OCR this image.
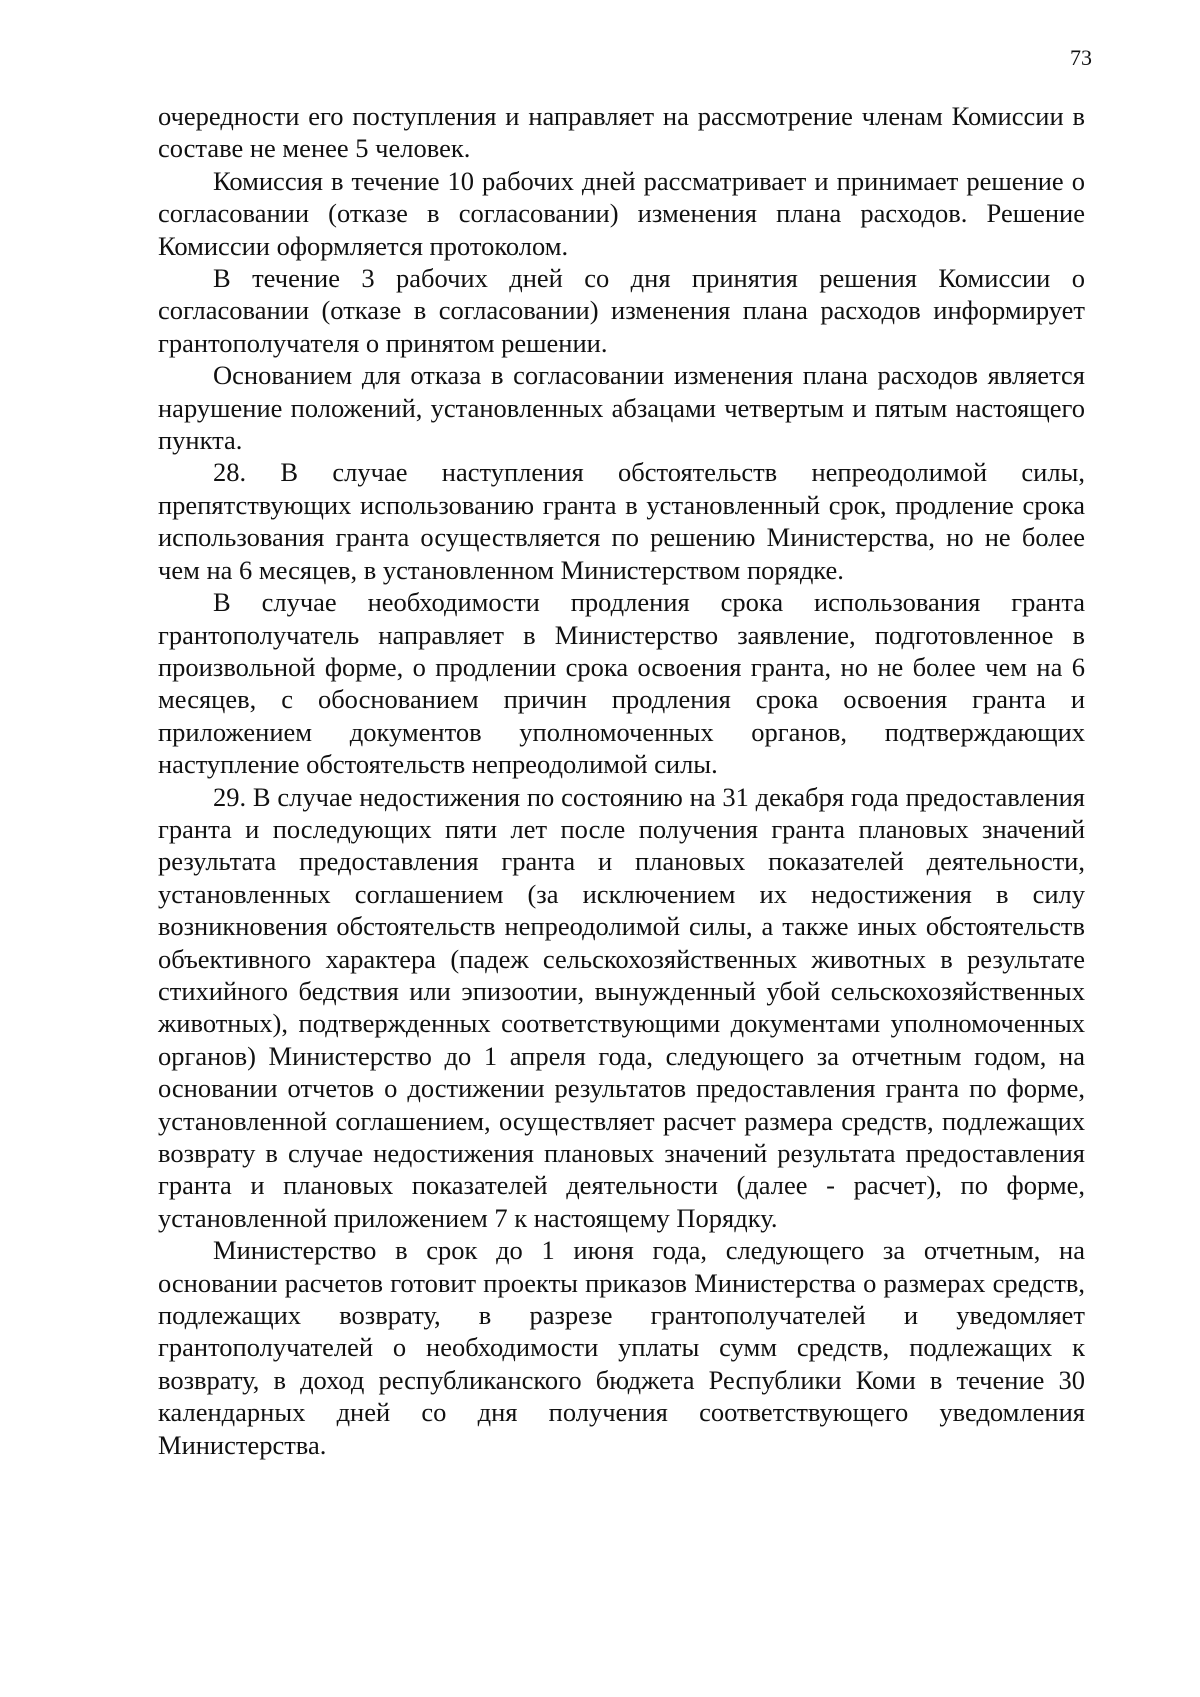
73

очередности его поступления и направляет на рассмотрение членам Комиссии в составе не менее 5 человек.

Комиссия в течение 10 рабочих дней рассматривает и принимает решение о согласовании (отказе в согласовании) изменения плана расходов. Решение Комиссии оформляется протоколом.

В течение 3 рабочих дней со дня принятия решения Комиссии о согласовании (отказе в согласовании) изменения плана расходов информирует грантополучателя о принятом решении.

Основанием для отказа в согласовании изменения плана расходов является нарушение положений, установленных абзацами четвертым и пятым настоящего пункта.

28. В случае наступления обстоятельств непреодолимой силы, препятствующих использованию гранта в установленный срок, продление срока использования гранта осуществляется по решению Министерства, но не более чем на 6 месяцев, в установленном Министерством порядке.

В случае необходимости продления срока использования гранта грантополучатель направляет в Министерство заявление, подготовленное в произвольной форме, о продлении срока освоения гранта, но не более чем на 6 месяцев, с обоснованием причин продления срока освоения гранта и приложением документов уполномоченных органов, подтверждающих наступление обстоятельств непреодолимой силы.

29. В случае недостижения по состоянию на 31 декабря года предоставления гранта и последующих пяти лет после получения гранта плановых значений результата предоставления гранта и плановых показателей деятельности, установленных соглашением (за исключением их недостижения в силу возникновения обстоятельств непреодолимой силы, а также иных обстоятельств объективного характера (падеж сельскохозяйственных животных в результате стихийного бедствия или эпизоотии, вынужденный убой сельскохозяйственных животных), подтвержденных соответствующими документами уполномоченных органов) Министерство до 1 апреля года, следующего за отчетным годом, на основании отчетов о достижении результатов предоставления гранта по форме, установленной соглашением, осуществляет расчет размера средств, подлежащих возврату в случае недостижения плановых значений результата предоставления гранта и плановых показателей деятельности (далее - расчет), по форме, установленной приложением 7 к настоящему Порядку.

Министерство в срок до 1 июня года, следующего за отчетным, на основании расчетов готовит проекты приказов Министерства о размерах средств, подлежащих возврату, в разрезе грантополучателей и уведомляет грантополучателей о необходимости уплаты сумм средств, подлежащих к возврату, в доход республиканского бюджета Республики Коми в течение 30 календарных дней со дня получения соответствующего уведомления Министерства.
